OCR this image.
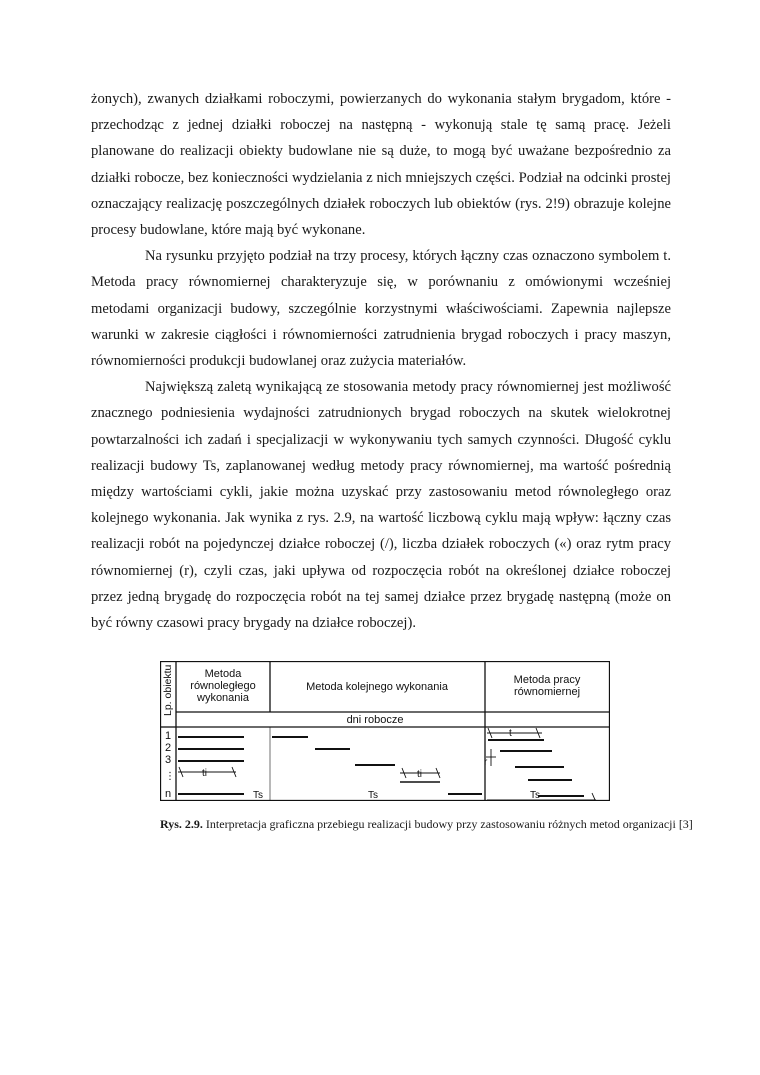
żonych), zwanych działkami roboczymi, powierzanych do wykonania stałym brygadom, które - przechodząc z jednej działki roboczej na następną - wykonują stale tę samą pracę. Jeżeli planowane do realizacji obiekty budowlane nie są duże, to mogą być uważane bezpośrednio za działki robocze, bez konieczności wydzielania z nich mniejszych części. Podział na odcinki prostej oznaczający realizację poszczególnych działek roboczych lub obiektów (rys. 2!9) obrazuje kolejne procesy budowlane, które mają być wykonane.

Na rysunku przyjęto podział na trzy procesy, których łączny czas oznaczono symbolem t. Metoda pracy równomiernej charakteryzuje się, w porównaniu z omówionymi wcześniej metodami organizacji budowy, szczególnie korzystnymi właściwościami. Zapewnia najlepsze warunki w zakresie ciągłości i równomierności zatrudnienia brygad roboczych i pracy maszyn, równomierności produkcji budowlanej oraz zużycia materiałów.

Największą zaletą wynikającą ze stosowania metody pracy równomiernej jest możliwość znacznego podniesienia wydajności zatrudnionych brygad roboczych na skutek wielokrotnej powtarzalności ich zadań i specjalizacji w wykonywaniu tych samych czynności. Długość cyklu realizacji budowy Ts, zaplanowanej według metody pracy równomiernej, ma wartość pośrednią między wartościami cykli, jakie można uzyskać przy zastosowaniu metod równoległego oraz kolejnego wykonania. Jak wynika z rys. 2.9, na wartość liczbową cyklu mają wpływ: łączny czas realizacji robót na pojedynczej działce roboczej (/), liczba działek roboczych («) oraz rytm pracy równomiernej (r), czyli czas, jaki upływa od rozpoczęcia robót na określonej działce roboczej przez jedną brygadę do rozpoczęcia robót na tej samej działce przez brygadę następną (może on być równy czasowi pracy brygady na działce roboczej).

Lp. obiektu	Metoda
równoległego
wykonania
Metoda kolejnego wykonania
Metoda pracy
równomiernej
dni robocze
1
2
3
⋮
n
ti
Ts
ti
Ts
t
r
Ts
Rys. 2.9. Interpretacja graficzna przebiegu realizacji budowy przy zastosowaniu różnych metod organizacji [3]
